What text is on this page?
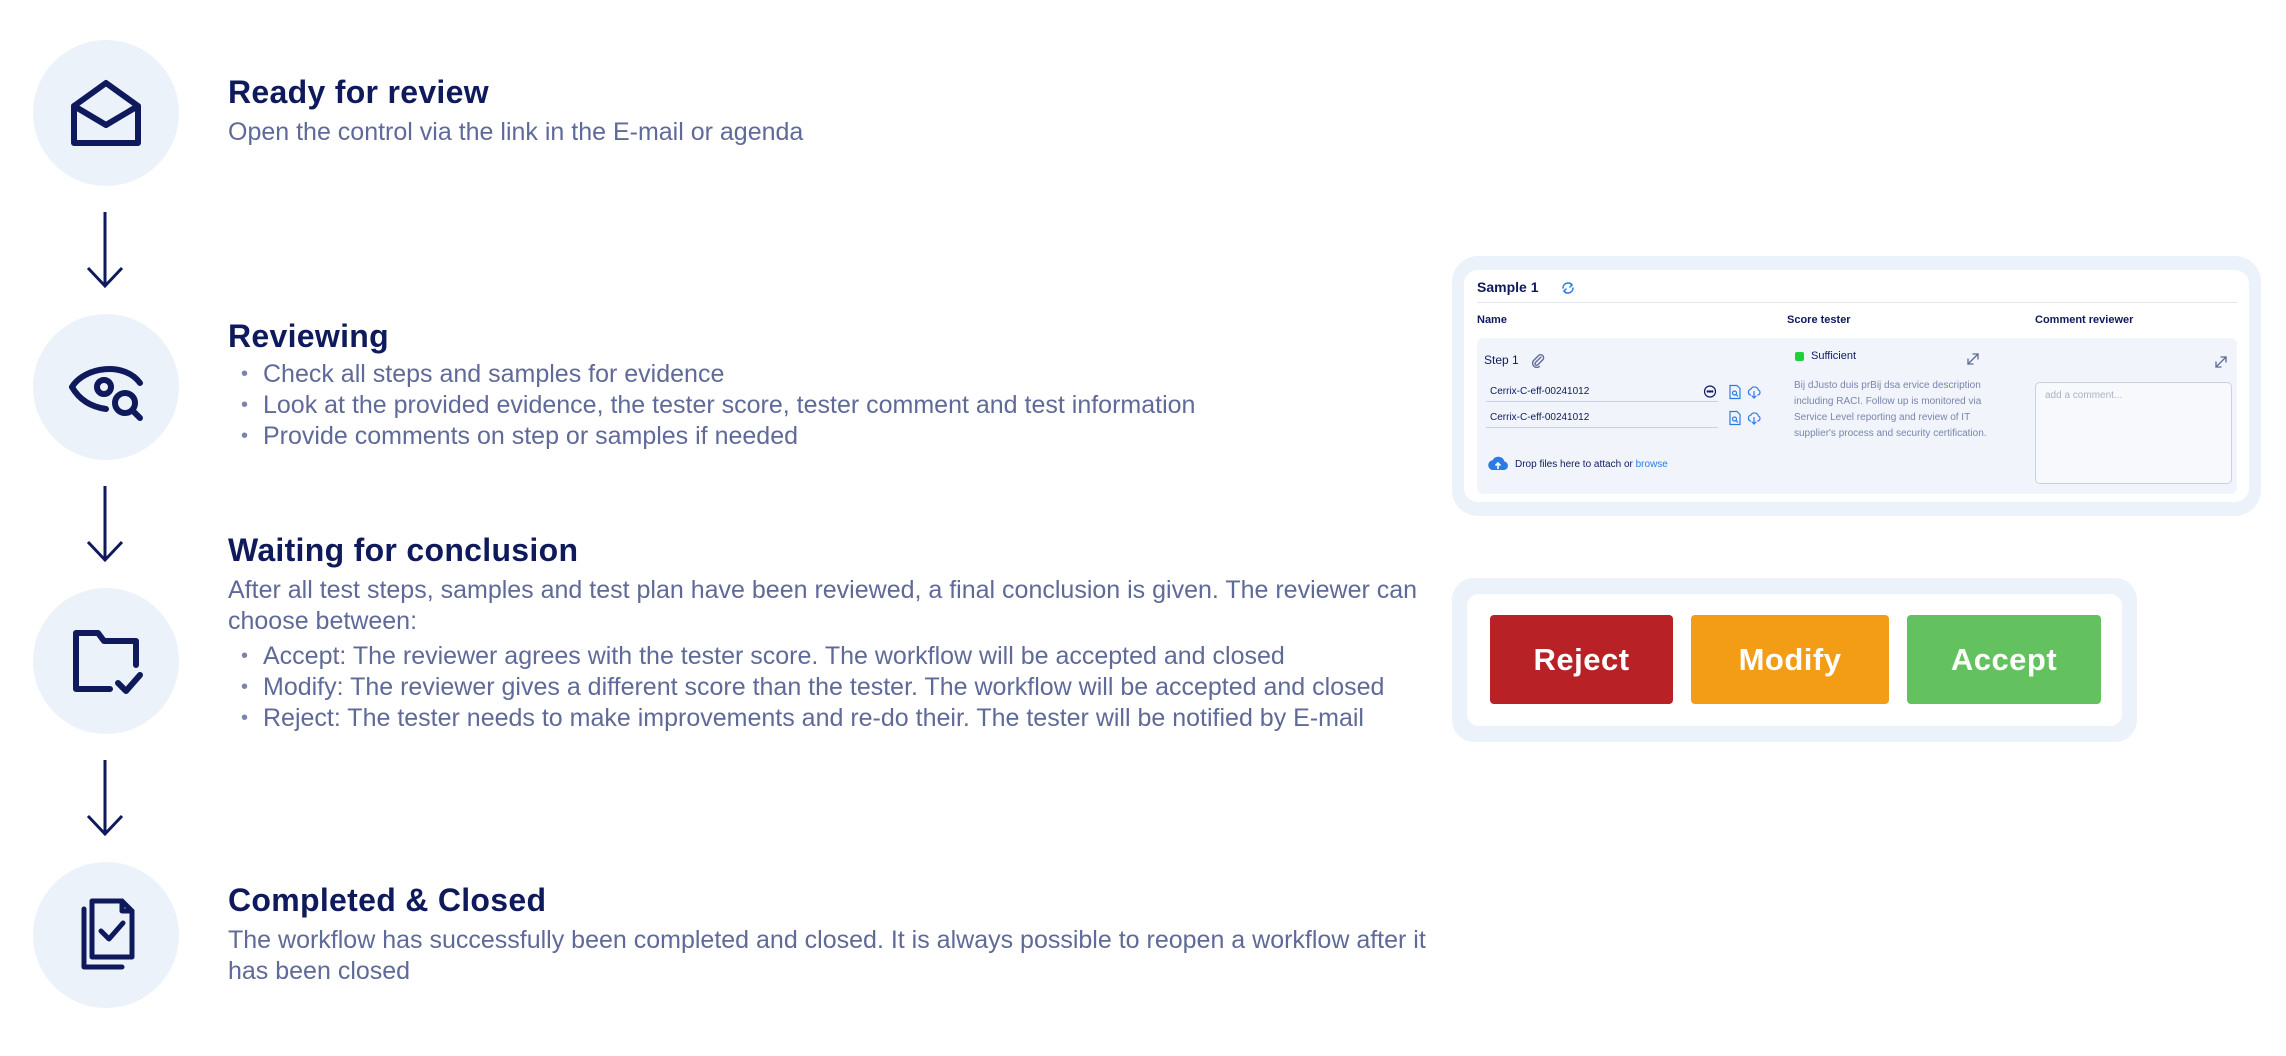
Ready for review

Open the control via the link in the E-mail or agenda

Reviewing
• Check all steps and samples for evidence
• Look at the provided evidence, the tester score, tester comment and test information
• Provide comments on step or samples if needed
Waiting for conclusion

After all test steps, samples and test plan have been reviewed, a final conclusion is given. The reviewer can choose between:

• Accept: The reviewer agrees with the tester score. The workflow will be accepted and closed
• Modify: The reviewer gives a different score than the tester. The workflow will be accepted and closed
• Reject: The tester needs to make improvements and re-do their. The tester will be notified by E-mail
Completed & Closed

The workflow has successfully been completed and closed. It is always possible to reopen a workflow after it has been closed

Sample 1
Name	Score tester	Comment reviewer
Step 1
Cerrix-C-eff-00241012
Cerrix-C-eff-00241012
Drop files here to attach or browse
Sufficient
Bij dJusto duis prBij dsa ervice description including RACI. Follow up is monitored via Service Level reporting and review of IT supplier's process and security certification.
add a comment...
Reject	Modify	Accept
